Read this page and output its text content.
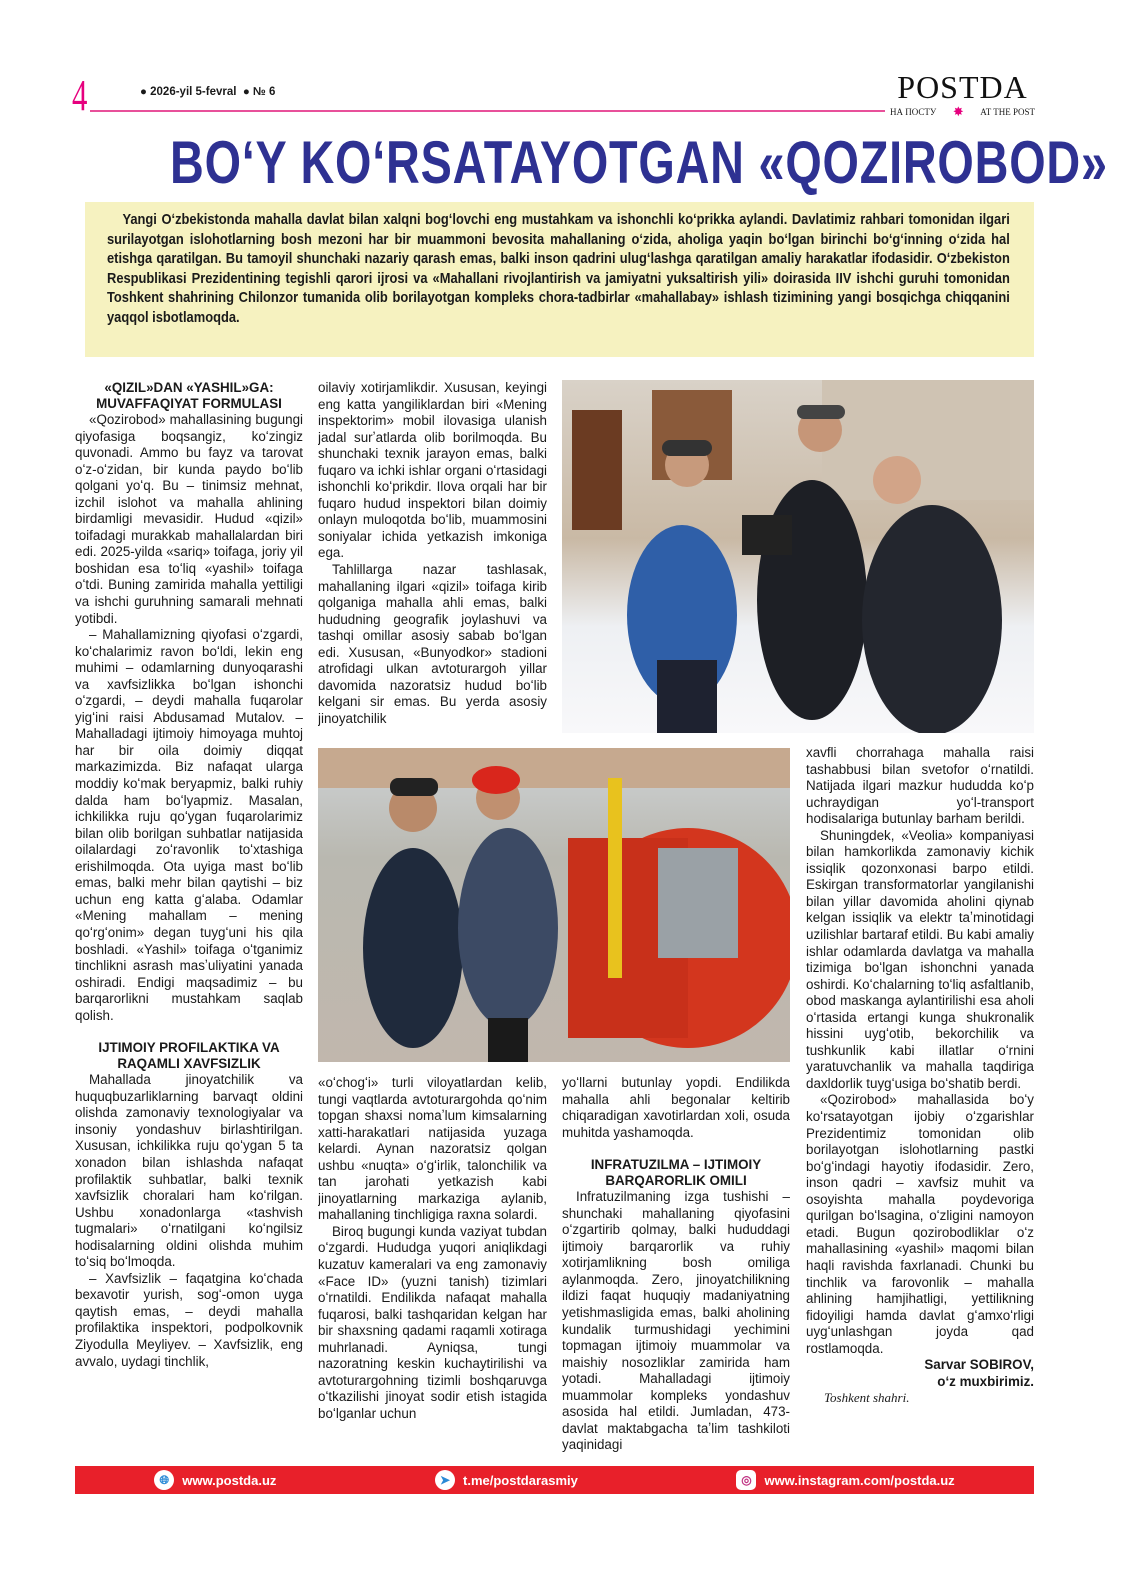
4	● 2026-yil 5-fevral ● № 6	POSTDA
НА ПОСТУ ✸ AT THE POST
BOʻY KOʻRSATAYOTGAN «QOZIROBOD»
Yangi Oʻzbekistonda mahalla davlat bilan xalqni bogʻlovchi eng mustahkam va ishonchli koʻprikka aylandi. Davlatimiz rahbari tomonidan ilgari surilayotgan islohotlarning bosh mezoni har bir muammoni bevosita mahallaning oʻzida, aholiga yaqin boʻlgan birinchi boʻgʻinning oʻzida hal etishga qaratilgan. Bu tamoyil shunchaki nazariy qarash emas, balki inson qadrini ulugʻlashga qaratilgan amaliy harakatlar ifodasidir. Oʻzbekiston Respublikasi Prezidentining tegishli qarori ijrosi va «Mahallani rivojlantirish va jamiyatni yuksaltirish yili» doirasida IIV ishchi guruhi tomonidan Toshkent shahrining Chilonzor tumanida olib borilayotgan kompleks chora-tadbirlar «mahallabay» ishlash tizimining yangi bosqichga chiqqanini yaqqol isbotlamoqda.
«QIZIL»DAN «YASHIL»GA: MUVAFFAQIYAT FORMULASI

«Qozirobod» mahallasining bugungi qiyofasiga boqsangiz, koʻzingiz quvonadi. Ammo bu fayz va tarovat oʻz-oʻzidan, bir kunda paydo boʻlib qolgani yoʻq. Bu – tinimsiz mehnat, izchil islohot va mahalla ahlining birdamligi mevasidir. Hudud «qizil» toifadagi murakkab mahallalardan biri edi. 2025-yilda «sariq» toifaga, joriy yil boshidan esa toʻliq «yashil» toifaga oʻtdi. Buning zamirida mahalla yettiligi va ishchi guruhning samarali mehnati yotibdi.

– Mahallamizning qiyofasi oʻzgardi, koʻchalarimiz ravon boʻldi, lekin eng muhimi – odamlarning dunyoqarashi va xavfsizlikka boʻlgan ishonchi oʻzgardi, – deydi mahalla fuqarolar yigʻini raisi Abdusamad Mutalov. – Mahalladagi ijtimoiy himoyaga muhtoj har bir oila doimiy diqqat markazimizda. Biz nafaqat ularga moddiy koʻmak beryapmiz, balki ruhiy dalda ham boʻlyapmiz. Masalan, ichkilikka ruju qoʻygan fuqarolarimiz bilan olib borilgan suhbatlar natijasida oilalardagi zoʻravonlik toʻxtashiga erishilmoqda. Ota uyiga mast boʻlib emas, balki mehr bilan qaytishi – biz uchun eng katta gʻalaba. Odamlar «Mening mahallam – mening qoʻrgʻonim» degan tuygʻuni his qila boshladi. «Yashil» toifaga oʻtganimiz tinchlikni asrash masʼuliyatini yanada oshiradi. Endigi maqsadimiz – bu barqarorlikni mustahkam saqlab qolish.

IJTIMOIY PROFILAKTIKA VA RAQAMLI XAVFSIZLIK

Mahallada jinoyatchilik va huquqbuzarliklarning barvaqt oldini olishda zamonaviy texnologiyalar va insoniy yondashuv birlashtirilgan. Xususan, ichkilikka ruju qoʻygan 5 ta xonadon bilan ishlashda nafaqat profilaktik suhbatlar, balki texnik xavfsizlik choralari ham koʻrilgan. Ushbu xonadonlarga «tashvish tugmalari» oʻrnatilgani koʻngilsiz hodisalarning oldini olishda muhim toʻsiq boʻlmoqda.

– Xavfsizlik – faqatgina koʻchada bexavotir yurish, sogʻ-omon uyga qaytish emas, – deydi mahalla profilaktika inspektori, podpolkovnik Ziyodulla Meyliyev. – Xavfsizlik, eng avvalo, uydagi tinchlik,

oilaviy xotirjamlikdir. Xususan, keyingi eng katta yangiliklardan biri «Mening inspektorim» mobil ilovasiga ulanish jadal surʼatlarda olib borilmoqda. Bu shunchaki texnik jarayon emas, balki fuqaro va ichki ishlar organi oʻrtasidagi ishonchli koʻprikdir. Ilova orqali har bir fuqaro hudud inspektori bilan doimiy onlayn muloqotda boʻlib, muammosini soniyalar ichida yetkazish imkoniga ega.

Tahlillarga nazar tashlasak, mahallaning ilgari «qizil» toifaga kirib qolganiga mahalla ahli emas, balki hududning geografik joylashuvi va tashqi omillar asosiy sabab boʻlgan edi. Xususan, «Bunyodkor» stadioni atrofidagi ulkan avtoturargoh yillar davomida nazoratsiz hudud boʻlib kelgani sir emas. Bu yerda asosiy jinoyatchilik

«oʻchogʻi» turli viloyatlardan kelib, tungi vaqtlarda avtoturargohda qoʻnim topgan shaxsi nomaʼlum kimsalarning xatti-harakatlari natijasida yuzaga kelardi. Aynan nazoratsiz qolgan ushbu «nuqta» oʻgʻirlik, talonchilik va tan jarohati yetkazish kabi jinoyatlarning markaziga aylanib, mahallaning tinchligiga raxna solardi.

Biroq bugungi kunda vaziyat tubdan oʻzgardi. Hududga yuqori aniqlikdagi kuzatuv kameralari va eng zamonaviy «Face ID» (yuzni tanish) tizimlari oʻrnatildi. Endilikda nafaqat mahalla fuqarosi, balki tashqaridan kelgan har bir shaxsning qadami raqamli xotiraga muhrlanadi. Ayniqsa, tungi nazoratning keskin kuchaytirilishi va avtoturargohning tizimli boshqaruvga oʻtkazilishi jinoyat sodir etish istagida boʻlganlar uchun

yoʻllarni butunlay yopdi. Endilikda mahalla ahli begonalar keltirib chiqaradigan xavotirlardan xoli, osuda muhitda yashamoqda.

INFRATUZILMA – IJTIMOIY BARQARORLIK OMILI

Infratuzilmaning izga tushishi – shunchaki mahallaning qiyofasini oʻzgartirib qolmay, balki hududdagi ijtimoiy barqarorlik va ruhiy xotirjamlikning bosh omiliga aylanmoqda. Zero, jinoyatchilikning ildizi faqat huquqiy madaniyatning yetishmasligida emas, balki aholining kundalik turmushidagi yechimini topmagan ijtimoiy muammolar va maishiy nosozliklar zamirida ham yotadi. Mahalladagi ijtimoiy muammolar kompleks yondashuv asosida hal etildi. Jumladan, 473-davlat maktabgacha taʼlim tashkiloti yaqinidagi

xavfli chorrahaga mahalla raisi tashabbusi bilan svetofor oʻrnatildi. Natijada ilgari mazkur hududda koʻp uchraydigan yoʻl-transport hodisalariga butunlay barham berildi.

Shuningdek, «Veolia» kompaniyasi bilan hamkorlikda zamonaviy kichik issiqlik qozonxonasi barpo etildi. Eskirgan transformatorlar yangilanishi bilan yillar davomida aholini qiynab kelgan issiqlik va elektr taʼminotidagi uzilishlar bartaraf etildi. Bu kabi amaliy ishlar odamlarda davlatga va mahalla tizimiga boʻlgan ishonchni yanada oshirdi. Koʻchalarning toʻliq asfaltlanib, obod maskanga aylantirilishi esa aholi oʻrtasida ertangi kunga shukronalik hissini uygʻotib, bekorchilik va tushkunlik kabi illatlar oʻrnini yaratuvchanlik va mahalla taqdiriga daxldorlik tuygʻusiga boʻshatib berdi.

«Qozirobod» mahallasida boʻy koʻrsatayotgan ijobiy oʻzgarishlar Prezidentimiz tomonidan olib borilayotgan islohotlarning pastki boʻgʻindagi hayotiy ifodasidir. Zero, inson qadri – xavfsiz muhit va osoyishta mahalla poydevoriga qurilgan boʻlsagina, oʻzligini namoyon etadi. Bugun qozirobodliklar oʻz mahallasining «yashil» maqomi bilan haqli ravishda faxrlanadi. Chunki bu tinchlik va farovonlik – mahalla ahlining hamjihatligi, yettilikning fidoyiligi hamda davlat gʻamxoʻrligi uygʻunlashgan joyda qad rostlamoqda.

Sarvar SOBIROV,
oʻz muxbirimiz.
Toshkent shahri.
🌐︎	www.postda.uz	➤ t.me/postdarasmiy	◎ www.instagram.com/postda.uz
